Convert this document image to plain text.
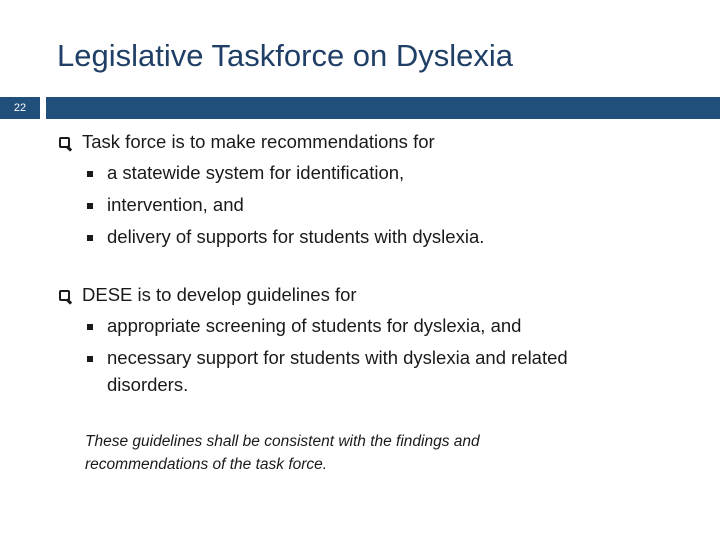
Legislative Taskforce on Dyslexia
22
Task force is to make recommendations for
a statewide system for identification,
intervention, and
delivery of supports for students with dyslexia.
DESE is to develop guidelines for
appropriate screening of students for dyslexia, and
necessary support for students with dyslexia and related
disorders.
These guidelines shall be consistent with the findings and recommendations of the task force.
